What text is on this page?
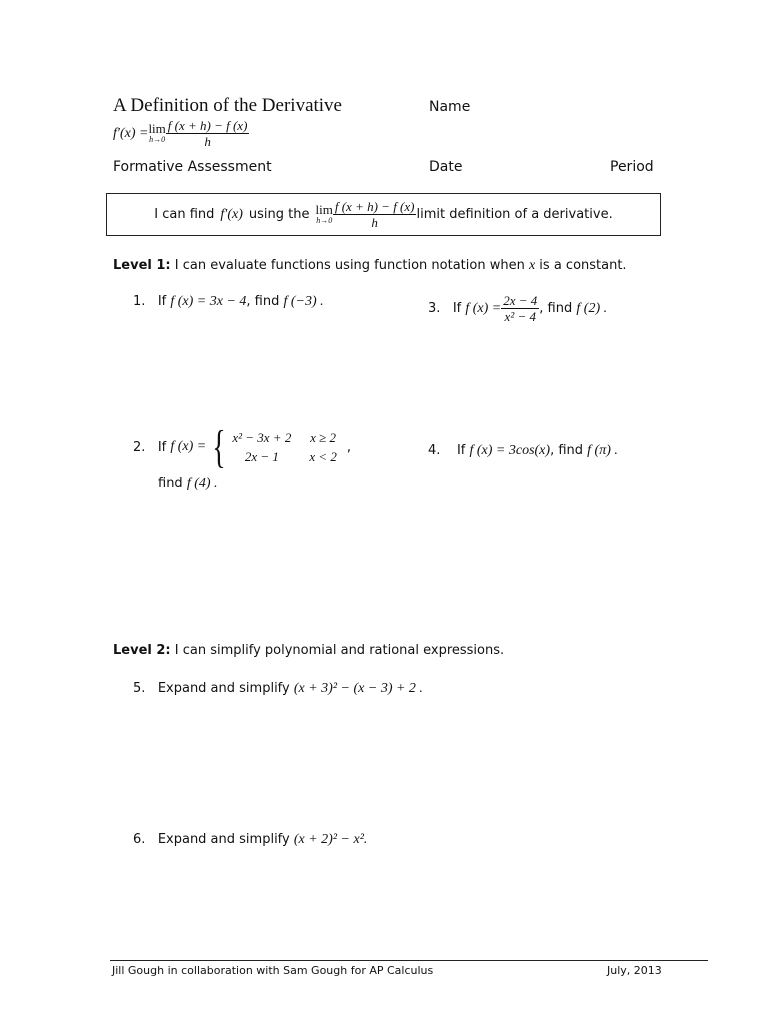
A Definition of the Derivative	Name
f′(x) = lim
$h\to 0 \frac{f (x + h) - f (x)}{h}$
Formative Assessment	Date	Period
I can find f′(x) using the lim
$h\to 0 \frac{f (x + h) - f (x)}{h}$ limit definition of a derivative.
Level 1: I can evaluate functions using function notation when x is a constant.
1. If f (x) = 3x − 4, find f (−3) .	3.
If
f $(x) = \frac{2x - 4}{\text{x² − 4}}$ , find
f (2) .
2.
If
f (x) = { x² − 3x + 2 x ≥ 2
2x − 1	x < 2
,
find f (4) .
4. If f (x) = 3cos(x), find f (π) .
Level 2: I can simplify polynomial and rational expressions.
5. Expand and simplify (x + 3)² − (x − 3) + 2 .
6. Expand and simplify (x + 2)² − x².
Jill Gough in collaboration with Sam Gough for AP Calculus	July, 2013
